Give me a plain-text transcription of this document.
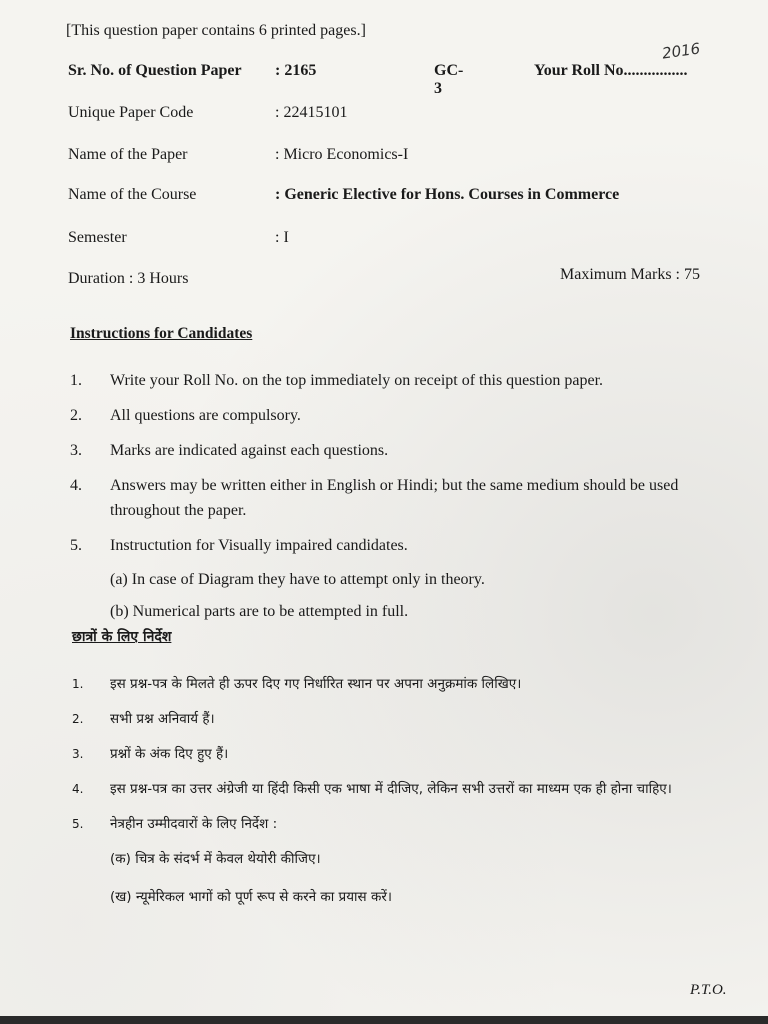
[This question paper contains 6 printed pages.]
2016
Sr. No. of Question Paper : 2165	GC-3
Your Roll No................
Unique Paper Code	: 22415101
Name of the Paper	: Micro Economics-I
Name of the Course	: Generic Elective for Hons. Courses in Commerce
Semester	: I
Duration : 3 Hours	Maximum Marks : 75
Instructions for Candidates
1. Write your Roll No. on the top immediately on receipt of this question paper.
2. All questions are compulsory.
3. Marks are indicated against each questions.
4. Answers may be written either in English or Hindi; but the same medium should be used throughout the paper.
5. Instructution for Visually impaired candidates.
(a) In case of Diagram they have to attempt only in theory.
(b) Numerical parts are to be attempted in full.
छात्रों के लिए निर्देश
1. इस प्रश्न-पत्र के मिलते ही ऊपर दिए गए निर्धारित स्थान पर अपना अनुक्रमांक लिखिए।
2. सभी प्रश्न अनिवार्य हैं।
3. प्रश्नों के अंक दिए हुए हैं।
4. इस प्रश्न-पत्र का उत्तर अंग्रेजी या हिंदी किसी एक भाषा में दीजिए, लेकिन सभी उत्तरों का माध्यम एक ही होना चाहिए।
5. नेत्रहीन उम्मीदवारों के लिए निर्देश :
(क) चित्र के संदर्भ में केवल थेयोरी कीजिए।
(ख) न्यूमेरिकल भागों को पूर्ण रूप से करने का प्रयास करें।
P.T.O.
